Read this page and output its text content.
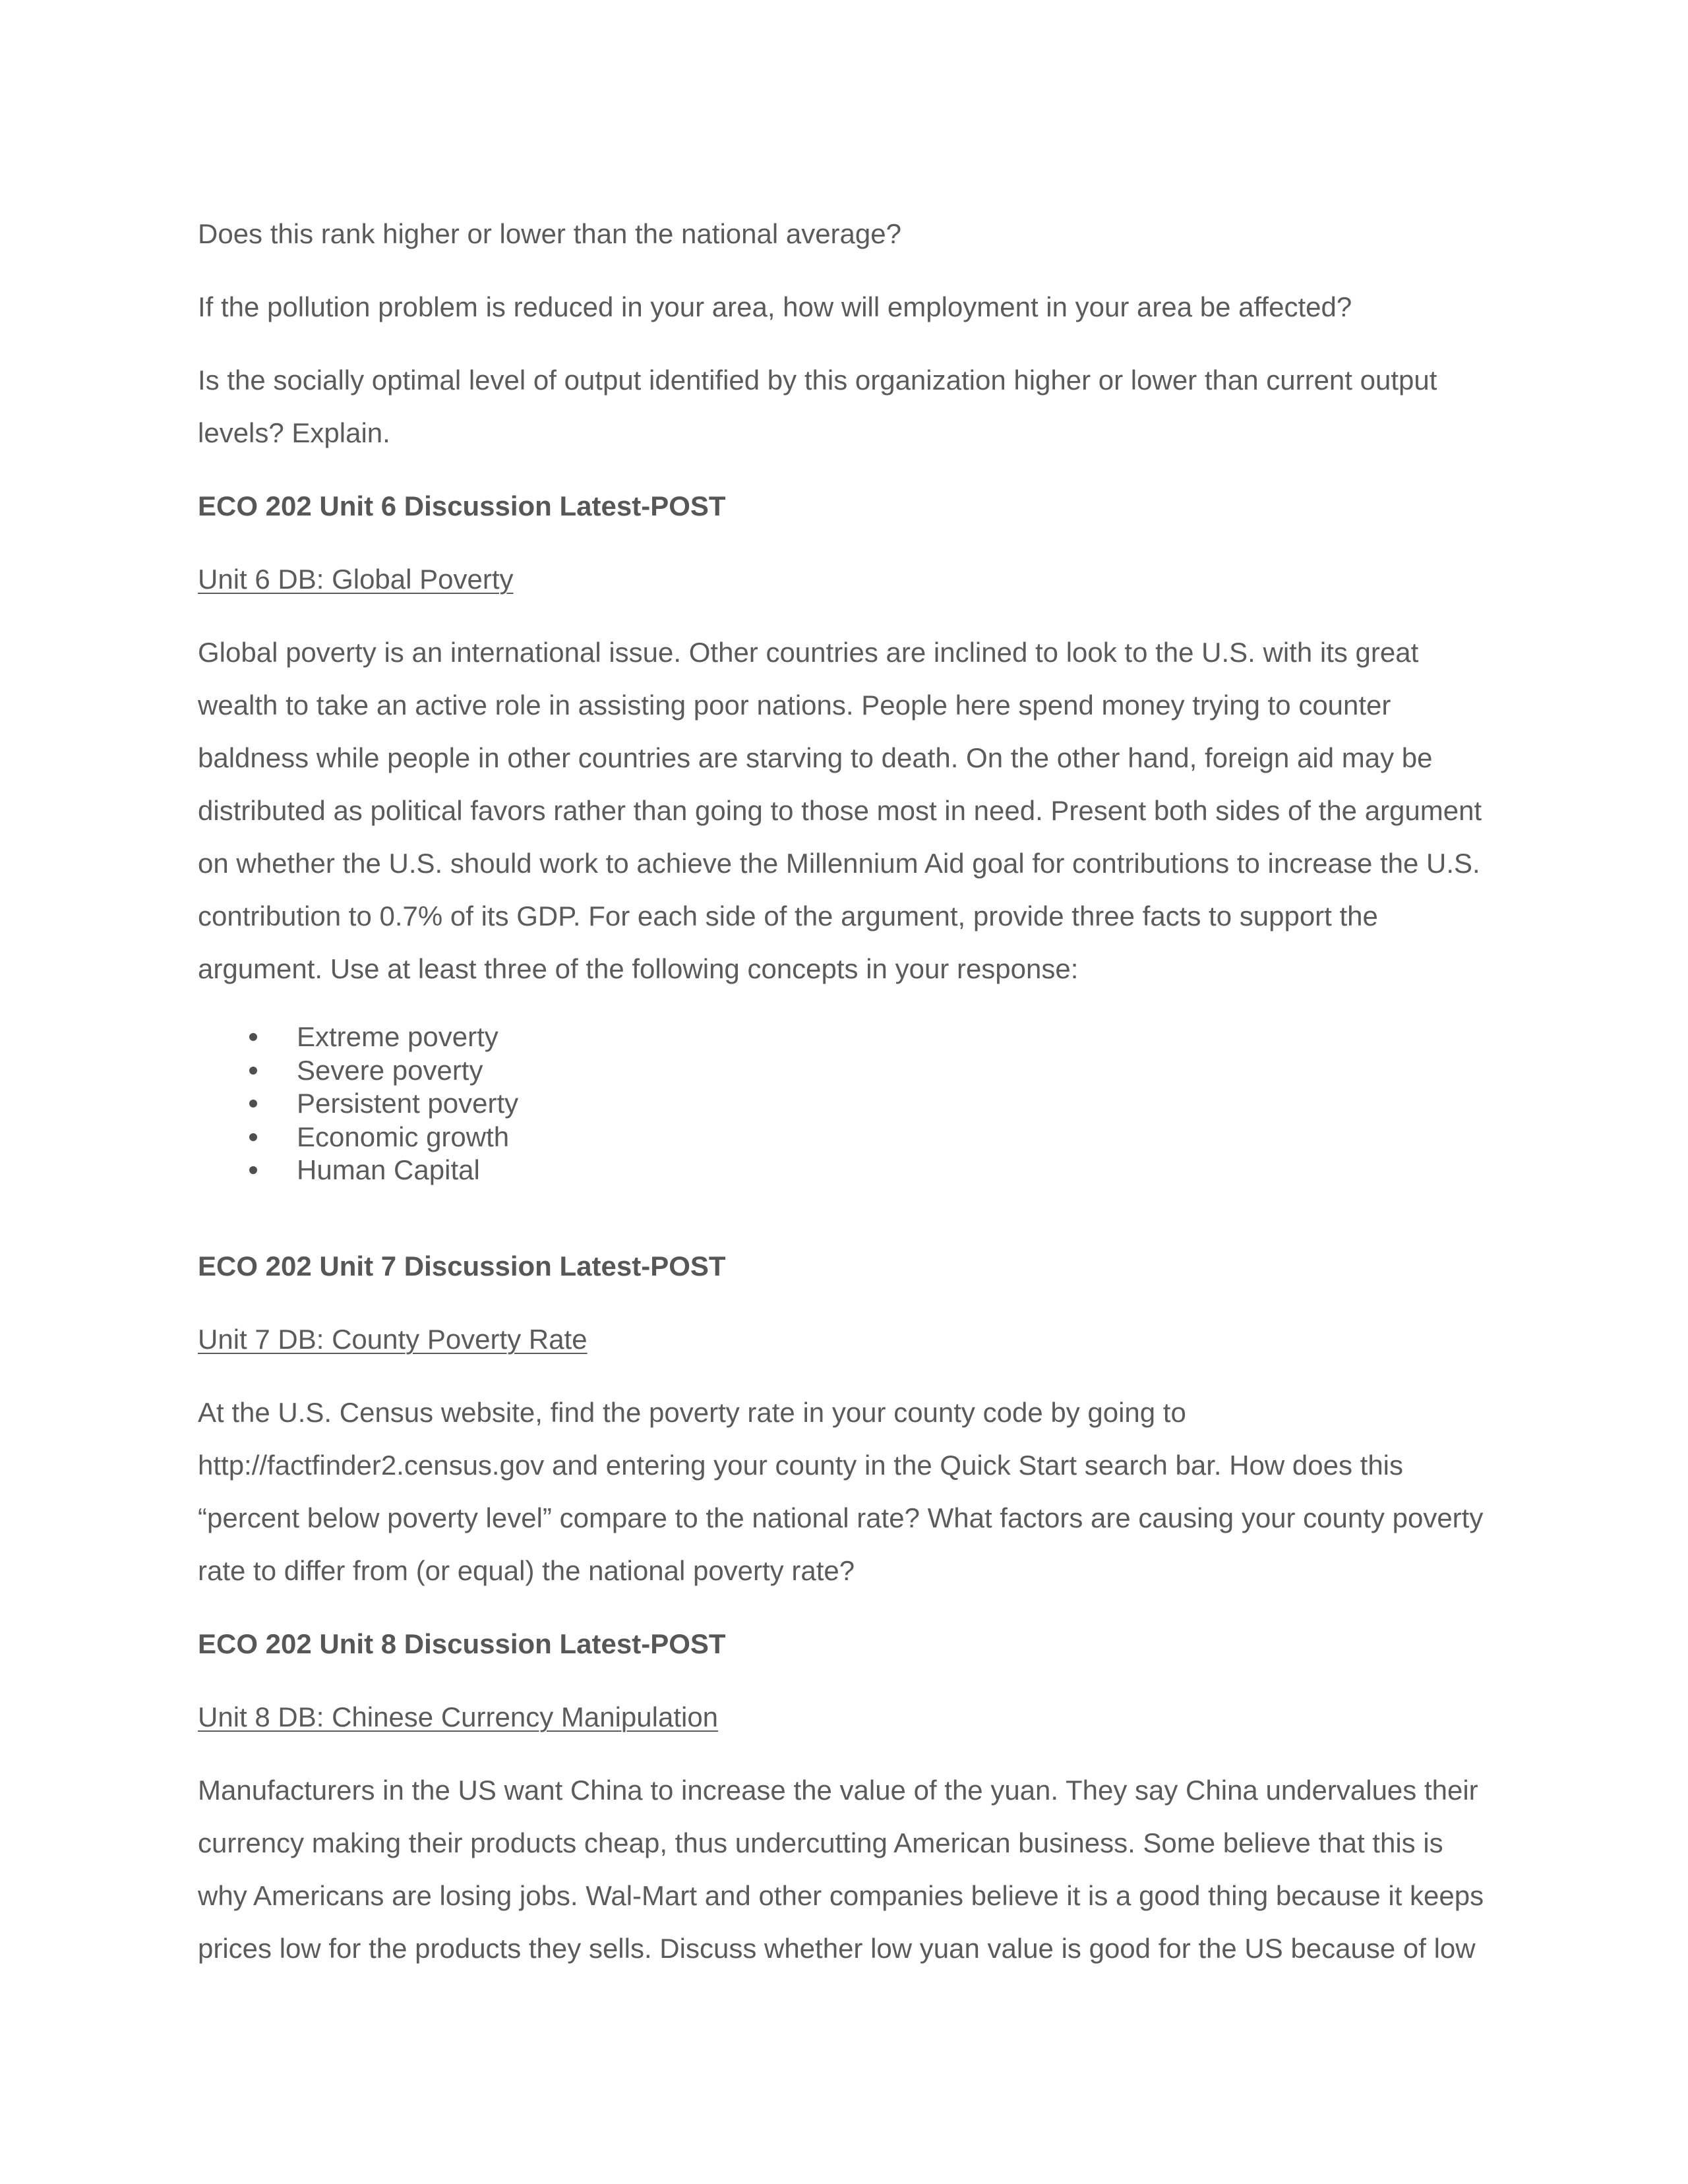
Does this rank higher or lower than the national average?
If the pollution problem is reduced in your area, how will employment in your area be affected?
Is the socially optimal level of output identified by this organization higher or lower than current output
levels? Explain.
ECO 202 Unit 6 Discussion Latest-POST
Unit 6 DB: Global Poverty
Global poverty is an international issue. Other countries are inclined to look to the U.S. with its great
wealth to take an active role in assisting poor nations. People here spend money trying to counter
baldness while people in other countries are starving to death. On the other hand, foreign aid may be
distributed as political favors rather than going to those most in need. Present both sides of the argument
on whether the U.S. should work to achieve the Millennium Aid goal for contributions to increase the U.S.
contribution to 0.7% of its GDP. For each side of the argument, provide three facts to support the
argument. Use at least three of the following concepts in your response:
Extreme poverty
Severe poverty
Persistent poverty
Economic growth
Human Capital
ECO 202 Unit 7 Discussion Latest-POST
Unit 7 DB: County Poverty Rate
At the U.S. Census website, find the poverty rate in your county code by going to
http://factfinder2.census.gov and entering your county in the Quick Start search bar. How does this
“percent below poverty level” compare to the national rate? What factors are causing your county poverty
rate to differ from (or equal) the national poverty rate?
ECO 202 Unit 8 Discussion Latest-POST
Unit 8 DB: Chinese Currency Manipulation
Manufacturers in the US want China to increase the value of the yuan. They say China undervalues their
currency making their products cheap, thus undercutting American business. Some believe that this is
why Americans are losing jobs. Wal-Mart and other companies believe it is a good thing because it keeps
prices low for the products they sells. Discuss whether low yuan value is good for the US because of low
